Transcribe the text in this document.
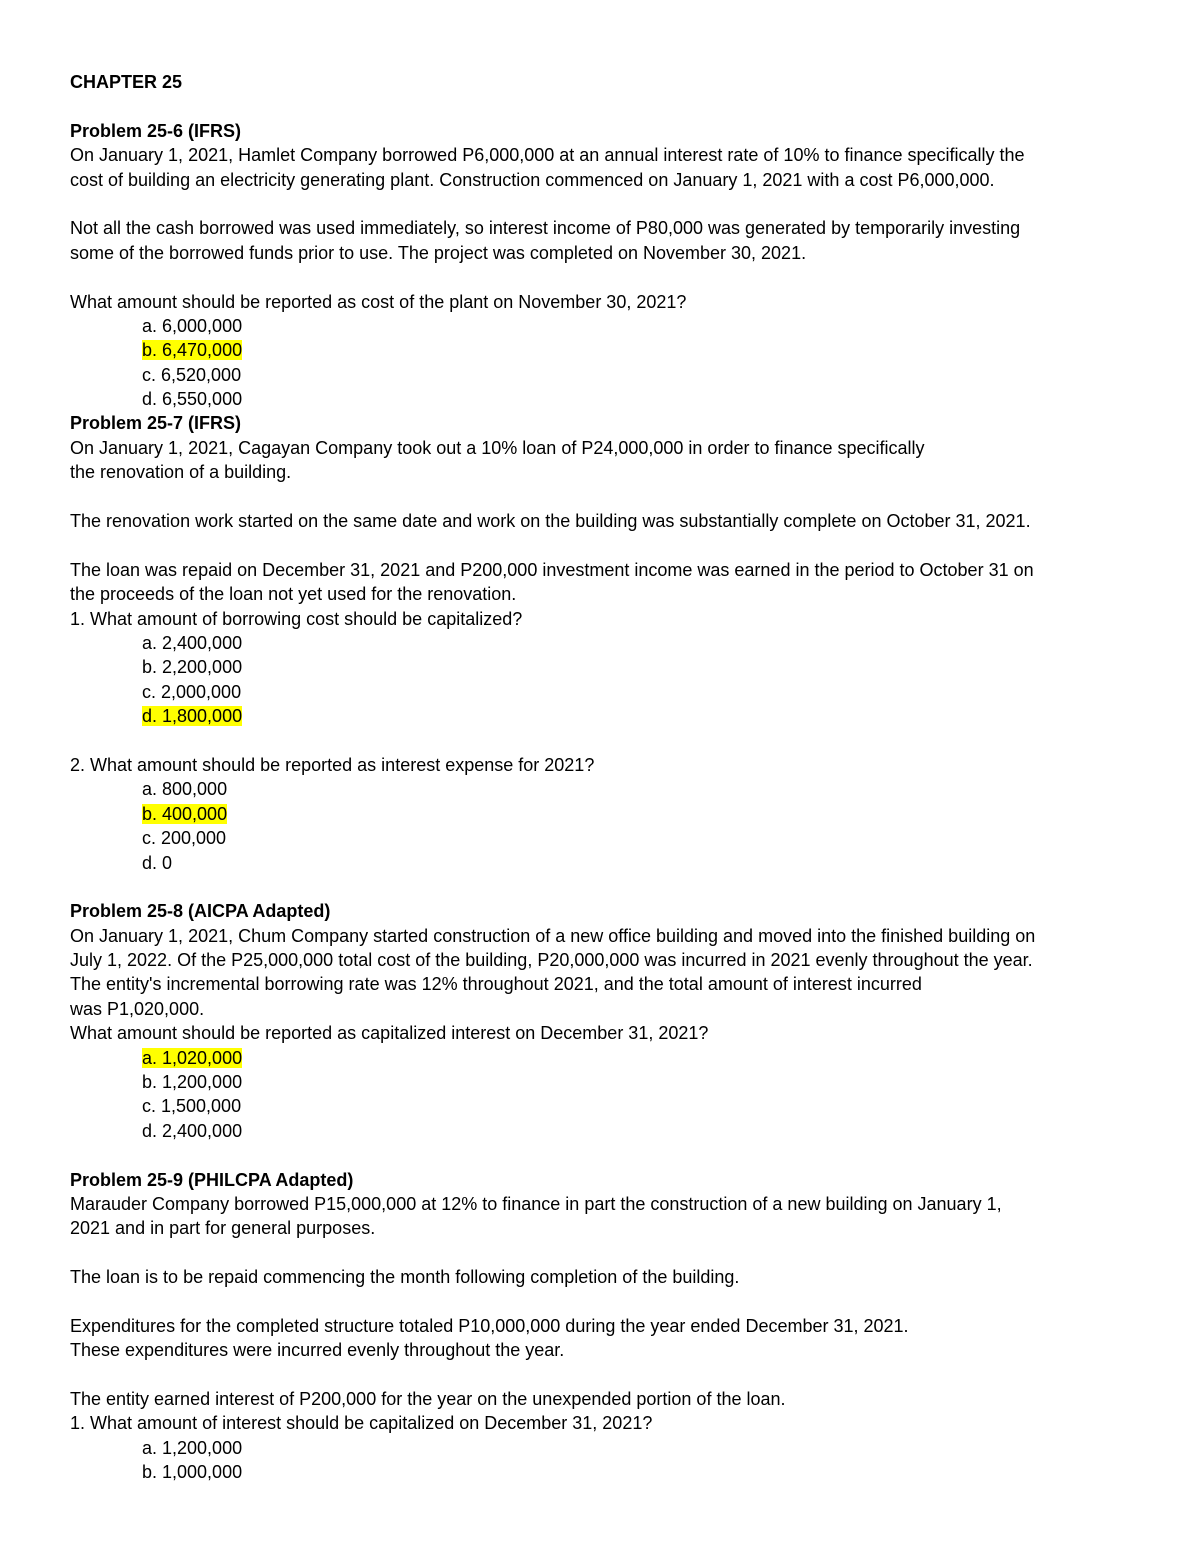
CHAPTER 25
Problem 25-6 (IFRS)
On January 1, 2021, Hamlet Company borrowed P6,000,000 at an annual interest rate of 10% to finance specifically the
cost of building an electricity generating plant. Construction commenced on January 1, 2021 with a cost P6,000,000.
Not all the cash borrowed was used immediately, so interest income of P80,000 was generated by temporarily investing
some of the borrowed funds prior to use. The project was completed on November 30, 2021.
What amount should be reported as cost of the plant on November 30, 2021?
a. 6,000,000
b. 6,470,000
c. 6,520,000
d. 6,550,000
Problem 25-7 (IFRS)
On January 1, 2021, Cagayan Company took out a 10% loan of P24,000,000 in order to finance specifically
the renovation of a building.
The renovation work started on the same date and work on the building was substantially complete on October 31, 2021.
The loan was repaid on December 31, 2021 and P200,000 investment income was earned in the period to October 31 on
the proceeds of the loan not yet used for the renovation.
1. What amount of borrowing cost should be capitalized?
a. 2,400,000
b. 2,200,000
c. 2,000,000
d. 1,800,000
2. What amount should be reported as interest expense for 2021?
a. 800,000
b. 400,000
c. 200,000
d. 0
Problem 25-8 (AICPA Adapted)
On January 1, 2021, Chum Company started construction of a new office building and moved into the finished building on
July 1, 2022. Of the P25,000,000 total cost of the building, P20,000,000 was incurred in 2021 evenly throughout the year.
The entity's incremental borrowing rate was 12% throughout 2021, and the total amount of interest incurred
was P1,020,000.
What amount should be reported as capitalized interest on December 31, 2021?
a. 1,020,000
b. 1,200,000
c. 1,500,000
d. 2,400,000
Problem 25-9 (PHILCPA Adapted)
Marauder Company borrowed P15,000,000 at 12% to finance in part the construction of a new building on January 1,
2021 and in part for general purposes.
The loan is to be repaid commencing the month following completion of the building.
Expenditures for the completed structure totaled P10,000,000 during the year ended December 31, 2021.
These expenditures were incurred evenly throughout the year.
The entity earned interest of P200,000 for the year on the unexpended portion of the loan.
1. What amount of interest should be capitalized on December 31, 2021?
a. 1,200,000
b. 1,000,000
